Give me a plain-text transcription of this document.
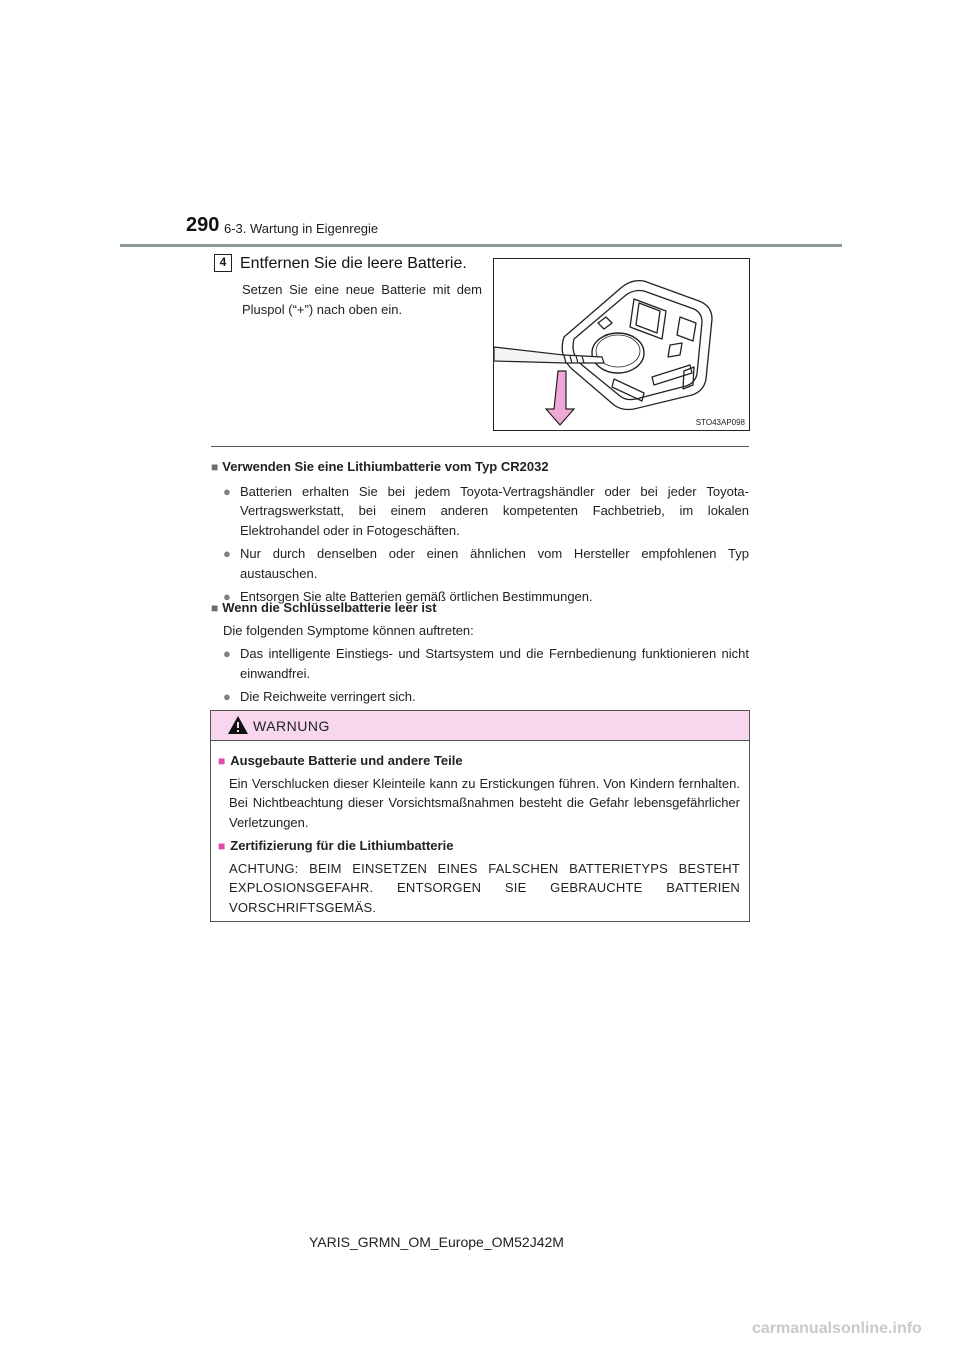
290 6-3. Wartung in Eigenregie
4 Entfernen Sie die leere Batterie.
Setzen Sie eine neue Batterie mit dem Pluspol (“+”) nach oben ein.
STO43AP098

■ Verwenden Sie eine Lithiumbatterie vom Typ CR2032

● Batterien erhalten Sie bei jedem Toyota-Vertragshändler oder bei jeder Toyota-Vertragswerkstatt, bei einem anderen kompetenten Fachbetrieb, im lokalen Elektrohandel oder in Fotogeschäften.
● Nur durch denselben oder einen ähnlichen vom Hersteller empfohlenen Typ austauschen.
● Entsorgen Sie alte Batterien gemäß örtlichen Bestimmungen.

■ Wenn die Schlüsselbatterie leer ist

Die folgenden Symptome können auftreten:

● Das intelligente Einstiegs- und Startsystem und die Fernbedienung funktionieren nicht einwandfrei.
● Die Reichweite verringert sich.
WARNUNG

■ Ausgebaute Batterie und andere Teile

Ein Verschlucken dieser Kleinteile kann zu Erstickungen führen. Von Kindern fernhalten. Bei Nichtbeachtung dieser Vorsichtsmaßnahmen besteht die Gefahr lebensgefährlicher Verletzungen.

■ Zertifizierung für die Lithiumbatterie

ACHTUNG: BEIM EINSETZEN EINES FALSCHEN BATTERIETYPS BESTEHT EXPLOSIONSGEFAHR. ENTSORGEN SIE GEBRAUCHTE BATTERIEN VORSCHRIFTSGEMÄS.

YARIS_GRMN_OM_Europe_OM52J42M
carmanualsonline.info
